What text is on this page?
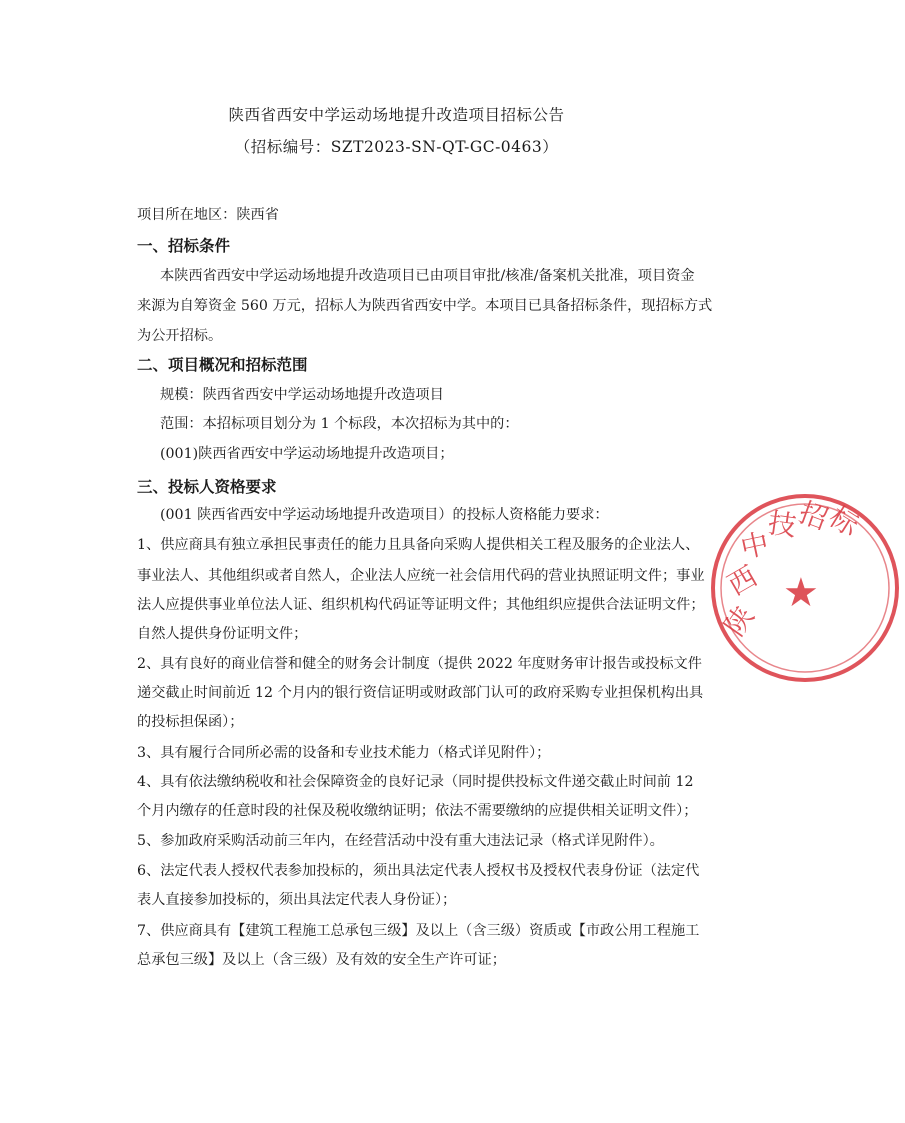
陕西省西安中学运动场地提升改造项目招标公告
（招标编号：SZT2023-SN-QT-GC-0463）
项目所在地区：陕西省
一、招标条件
本陕西省西安中学运动场地提升改造项目已由项目审批/核准/备案机关批准，项目资金
来源为自筹资金 560 万元，招标人为陕西省西安中学。本项目已具备招标条件，现招标方式
为公开招标。
二、项目概况和招标范围
规模：陕西省西安中学运动场地提升改造项目
范围：本招标项目划分为 1 个标段，本次招标为其中的：
(001)陕西省西安中学运动场地提升改造项目；
三、投标人资格要求
(001 陕西省西安中学运动场地提升改造项目）的投标人资格能力要求：
1、供应商具有独立承担民事责任的能力且具备向采购人提供相关工程及服务的企业法人、
事业法人、其他组织或者自然人，企业法人应统一社会信用代码的营业执照证明文件；事业
法人应提供事业单位法人证、组织机构代码证等证明文件；其他组织应提供合法证明文件；
自然人提供身份证明文件；
2、具有良好的商业信誉和健全的财务会计制度（提供 2022 年度财务审计报告或投标文件
递交截止时间前近 12 个月内的银行资信证明或财政部门认可的政府采购专业担保机构出具
的投标担保函）；
3、具有履行合同所必需的设备和专业技术能力（格式详见附件）；
4、具有依法缴纳税收和社会保障资金的良好记录（同时提供投标文件递交截止时间前 12
个月内缴存的任意时段的社保及税收缴纳证明；依法不需要缴纳的应提供相关证明文件）；
5、参加政府采购活动前三年内，在经营活动中没有重大违法记录（格式详见附件）。
6、法定代表人授权代表参加投标的，须出具法定代表人授权书及授权代表身份证（法定代
表人直接参加投标的，须出具法定代表人身份证）；
7、供应商具有【建筑工程施工总承包三级】及以上（含三级）资质或【市政公用工程施工
总承包三级】及以上（含三级）及有效的安全生产许可证；
陕
西
中
技
招
标
★
